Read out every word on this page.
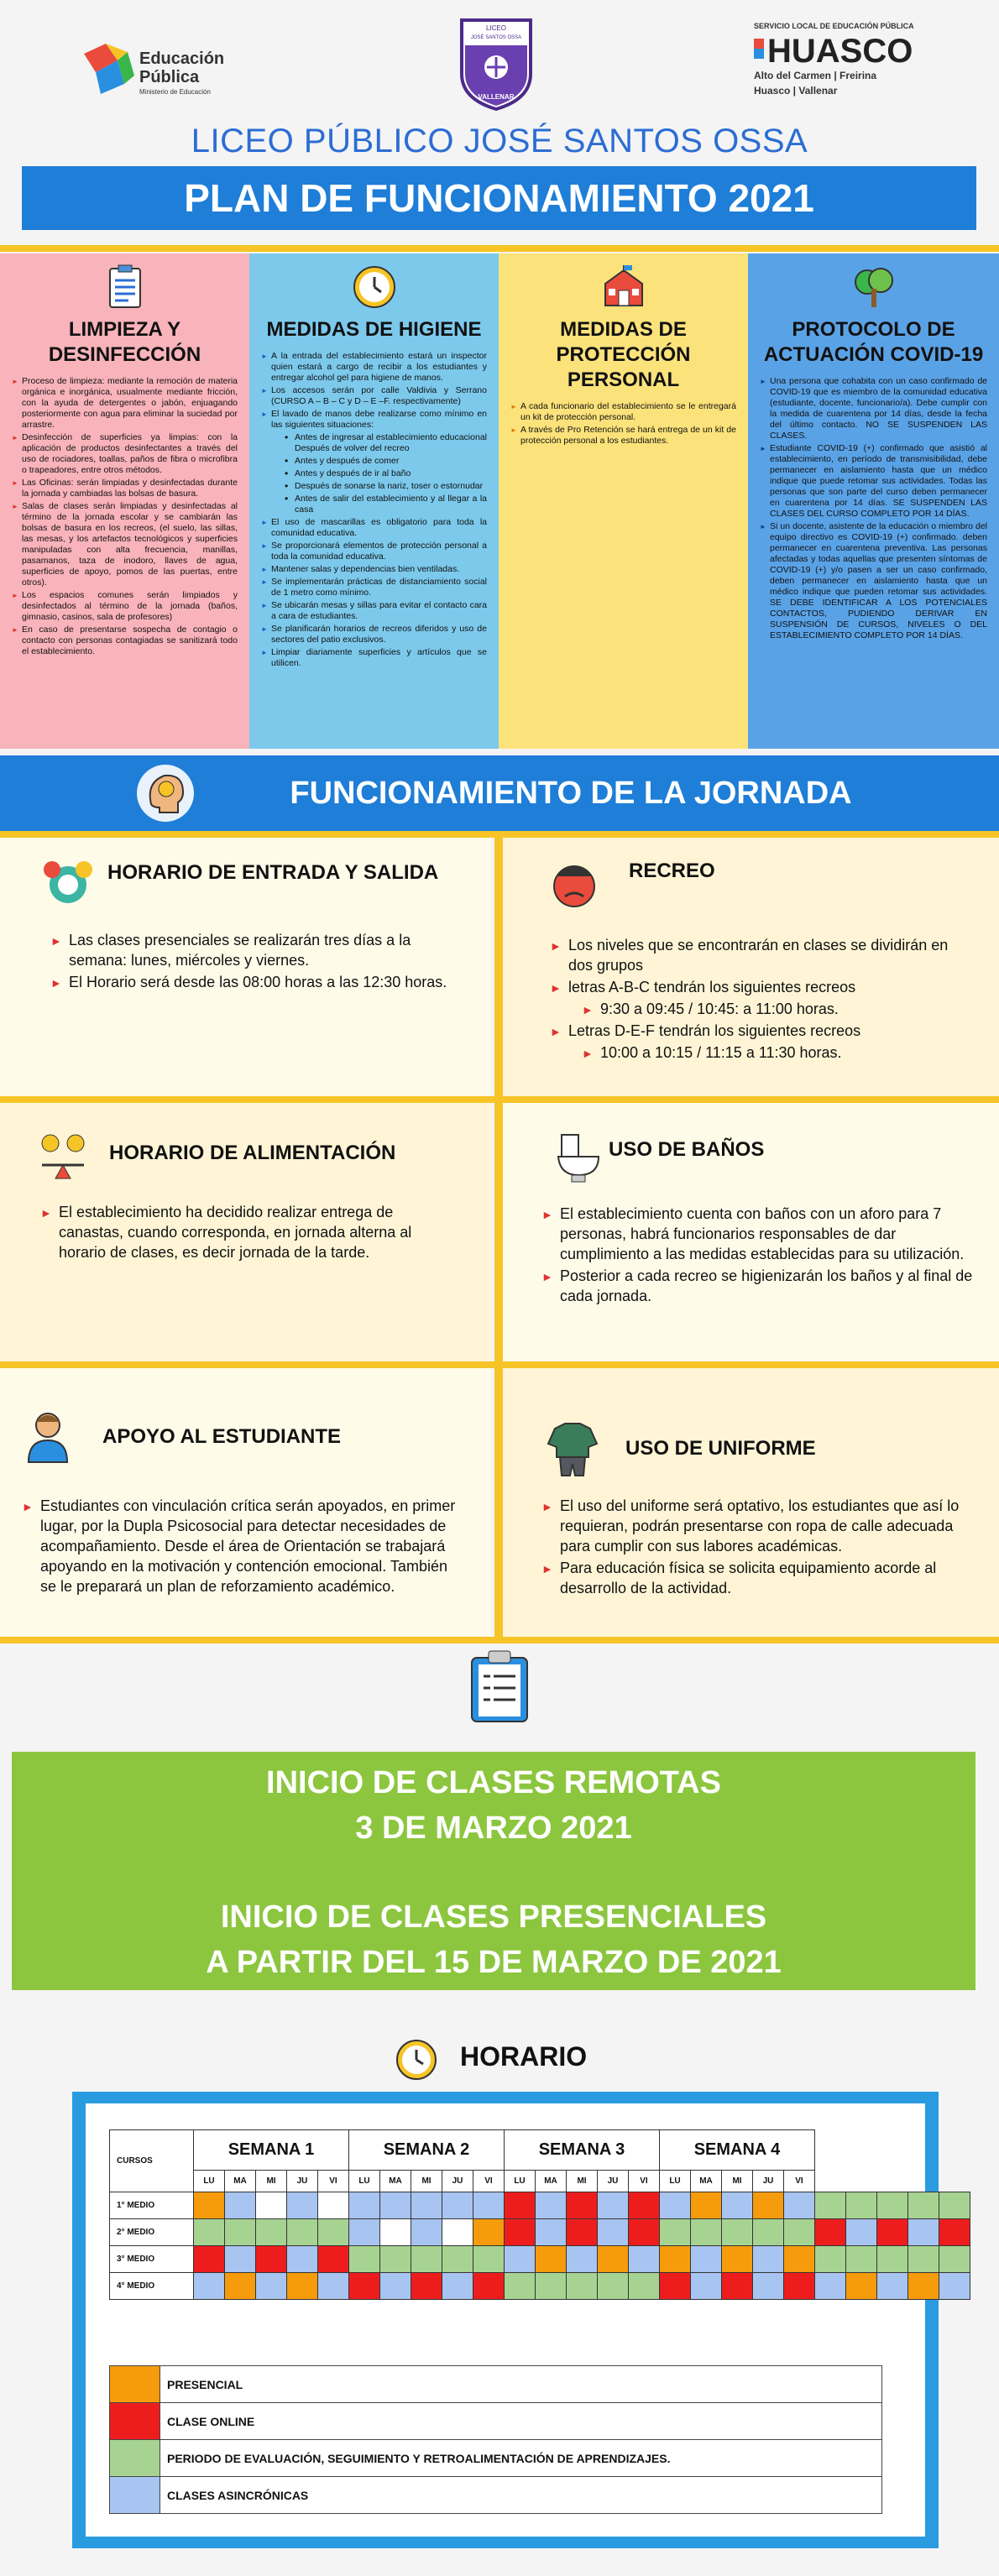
Educación
Pública
Ministerio de Educación
LICEO
JOSÉ SANTOS OSSA
VALLENAR
SERVICIO LOCAL DE EDUCACIÓN PÚBLICA
HUASCO
Alto del Carmen | Freirina
Huasco | Vallenar
LICEO PÚBLICO JOSÉ SANTOS OSSA
PLAN DE FUNCIONAMIENTO 2021
LIMPIEZA Y DESINFECCIÓN
► Proceso de limpieza: mediante la remoción de materia orgánica e inorgánica, usualmente mediante fricción, con la ayuda de detergentes o jabón, enjuagando posteriormente con agua para eliminar la suciedad por arrastre.
► Desinfección de superficies ya limpias: con la aplicación de productos desinfectantes a través del uso de rociadores, toallas, paños de fibra o microfibra o trapeadores, entre otros métodos.
► Las Oficinas: serán limpiadas y desinfectadas durante la jornada y cambiadas las bolsas de basura.
► Salas de clases serán limpiadas y desinfectadas al término de la jornada escolar y se cambiarán las bolsas de basura en los recreos, (el suelo, las sillas, las mesas, y los artefactos tecnológicos y superficies manipuladas con alta frecuencia, manillas, pasamanos, taza de inodoro, llaves de agua, superficies de apoyo, pomos de las puertas, entre otros).
► Los espacios comunes serán limpiados y desinfectados al término de la jornada (baños, gimnasio, casinos, sala de profesores)
► En caso de presentarse sospecha de contagio o contacto con personas contagiadas se sanitizará todo el establecimiento.
MEDIDAS DE HIGIENE
► A la entrada del establecimiento estará un inspector quien estará a cargo de recibir a los estudiantes y entregar alcohol gel para higiene de manos.
► Los accesos serán por calle Valdivia y Serrano (CURSO A – B – C y D – E –F. respectivamente)
► El lavado de manos debe realizarse como mínimo en las siguientes situaciones:
• Antes de ingresar al establecimiento educacional Después de volver del recreo
• Antes y después de comer
• Antes y después de ir al baño
• Después de sonarse la nariz, toser o estornudar
• Antes de salir del establecimiento y al llegar a la casa
► El uso de mascarillas es obligatorio para toda la comunidad educativa.
► Se proporcionará elementos de protección personal a toda la comunidad educativa.
► Mantener salas y dependencias bien ventiladas.
► Se implementarán prácticas de distanciamiento social de 1 metro como mínimo.
► Se ubicarán mesas y sillas para evitar el contacto cara a cara de estudiantes.
► Se planificarán horarios de recreos diferidos y uso de sectores del patio exclusivos.
► Limpiar diariamente superficies y artículos que se utilicen.
MEDIDAS DE PROTECCIÓN PERSONAL
► A cada funcionario del establecimiento se le entregará un kit de protección personal.
► A través de Pro Retención se hará entrega de un kit de protección personal a los estudiantes.
PROTOCOLO DE ACTUACIÓN COVID-19
► Una persona que cohabita con un caso confirmado de COVID-19 que es miembro de la comunidad educativa (estudiante, docente, funcionario/a). Debe cumplir con la medida de cuarentena por 14 días, desde la fecha del último contacto. NO SE SUSPENDEN LAS CLASES.
► Estudiante COVID-19 (+) confirmado que asistió al establecimiento, en período de transmisibilidad, debe permanecer en aislamiento hasta que un médico indique que puede retomar sus actividades. Todas las personas que son parte del curso deben permanecer en cuarentena por 14 días. SE SUSPENDEN LAS CLASES DEL CURSO COMPLETO POR 14 DÍAS.
► Si un docente, asistente de la educación o miembro del equipo directivo es COVID-19 (+) confirmado. deben permanecer en cuarentena preventiva. Las personas afectadas y todas aquellas que presenten síntomas de COVID-19 (+) y/o pasen a ser un caso confirmado, deben permanecer en aislamiento hasta que un médico indique que pueden retomar sus actividades. SE DEBE IDENTIFICAR A LOS POTENCIALES CONTACTOS, PUDIENDO DERIVAR EN SUSPENSIÓN DE CURSOS, NIVELES O DEL ESTABLECIMIENTO COMPLETO POR 14 DÍAS.
FUNCIONAMIENTO DE LA JORNADA
HORARIO DE ENTRADA Y SALIDA
► Las clases presenciales se realizarán tres días a la semana: lunes, miércoles y viernes.
► El Horario será desde las 08:00 horas a las 12:30 horas.
RECREO
► Los niveles que se encontrarán en clases se dividirán en dos grupos
► letras A-B-C tendrán los siguientes recreos
► 9:30 a 09:45 / 10:45: a 11:00 horas.
► Letras D-E-F tendrán los siguientes recreos
► 10:00 a 10:15 / 11:15 a 11:30 horas.
HORARIO DE ALIMENTACIÓN
► El establecimiento ha decidido realizar entrega de canastas, cuando corresponda, en jornada alterna al horario de clases, es decir jornada de la tarde.
USO DE BAÑOS
► El establecimiento cuenta con baños con un aforo para 7 personas, habrá funcionarios responsables de dar cumplimiento a las medidas establecidas para su utilización.
► Posterior a cada recreo se higienizarán los baños y al final de cada jornada.
APOYO AL ESTUDIANTE
► Estudiantes con vinculación crítica serán apoyados, en primer lugar, por la Dupla Psicosocial para detectar necesidades de acompañamiento. Desde el área de Orientación se trabajará apoyando en la motivación y contención emocional. También se le preparará un plan de reforzamiento académico.
USO DE UNIFORME
► El uso del uniforme será optativo, los estudiantes que así lo requieran, podrán presentarse con ropa de calle adecuada para cumplir con sus labores académicas.
► Para educación física se solicita equipamiento acorde al desarrollo de la actividad.
INICIO DE CLASES REMOTAS
3 DE MARZO 2021
INICIO DE CLASES PRESENCIALES
A PARTIR DEL 15 DE MARZO DE 2021
HORARIO
CURSOS	SEMANA 1					SEMANA 2					SEMANA 3					SEMANA 4									
	LU	MA	MI	JU	VI	LU	MA	MI	JU	VI	LU	MA	MI	JU	VI	LU	MA	MI	JU	VI					
1° MEDIO																									
2° MEDIO																									
3° MEDIO																									
4° MEDIO																									
	PRESENCIAL
	CLASE ONLINE
	PERIODO DE EVALUACIÓN, SEGUIMIENTO Y RETROALIMENTACIÓN DE APRENDIZAJES.
	CLASES ASINCRÓNICAS
